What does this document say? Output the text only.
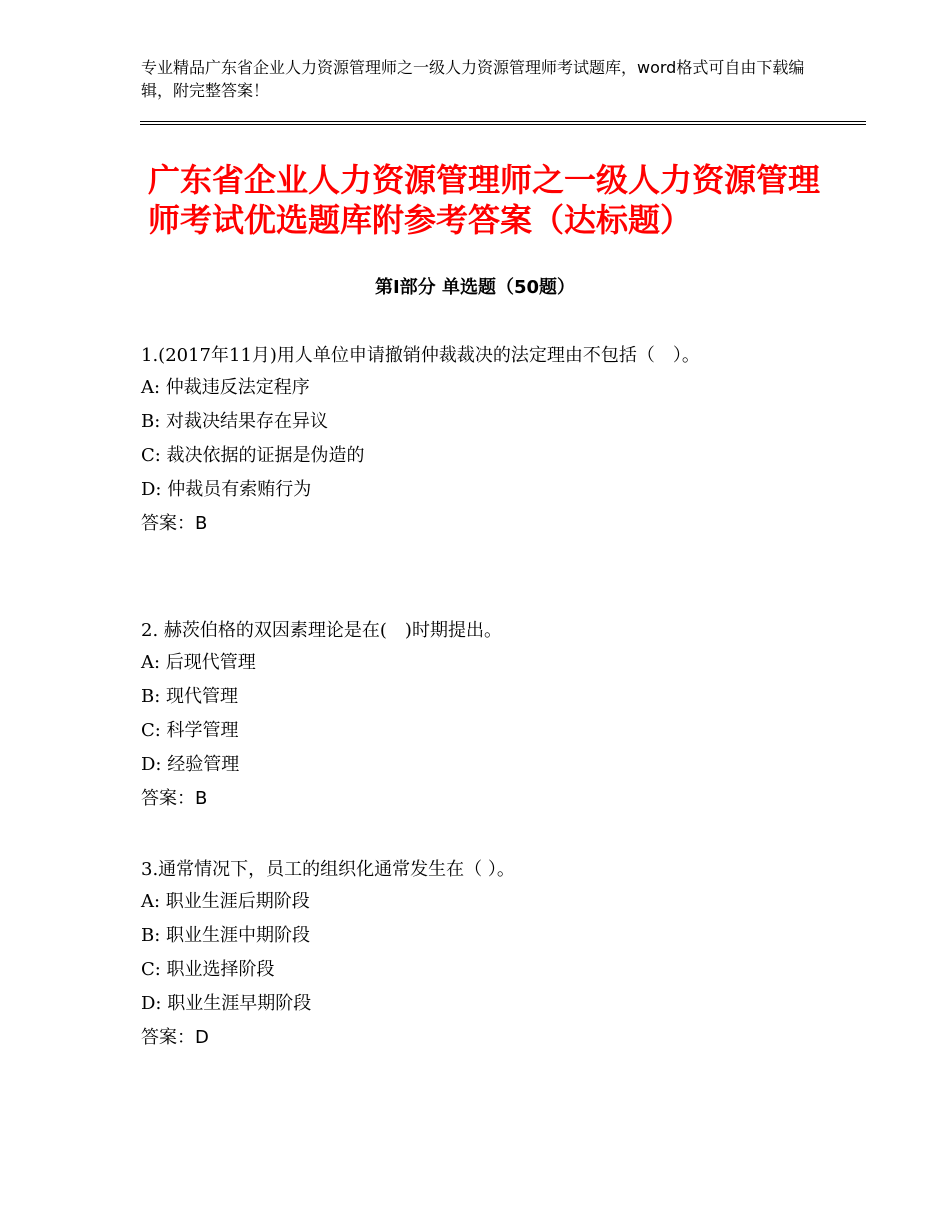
专业精品广东省企业人力资源管理师之一级人力资源管理师考试题库，word格式可自由下载编辑，附完整答案！
广东省企业人力资源管理师之一级人力资源管理师考试优选题库附参考答案（达标题）
第Ⅰ部分 单选题（50题）
1.(2017年11月)用人单位申请撤销仲裁裁决的法定理由不包括（　）。
A: 仲裁违反法定程序
B: 对裁决结果存在异议
C: 裁决依据的证据是伪造的
D: 仲裁员有索贿行为
答案：B
2. 赫茨伯格的双因素理论是在(　)时期提出。
A: 后现代管理
B: 现代管理
C: 科学管理
D: 经验管理
答案：B
3.通常情况下，员工的组织化通常发生在（ ）。
A: 职业生涯后期阶段
B: 职业生涯中期阶段
C: 职业选择阶段
D: 职业生涯早期阶段
答案：D
